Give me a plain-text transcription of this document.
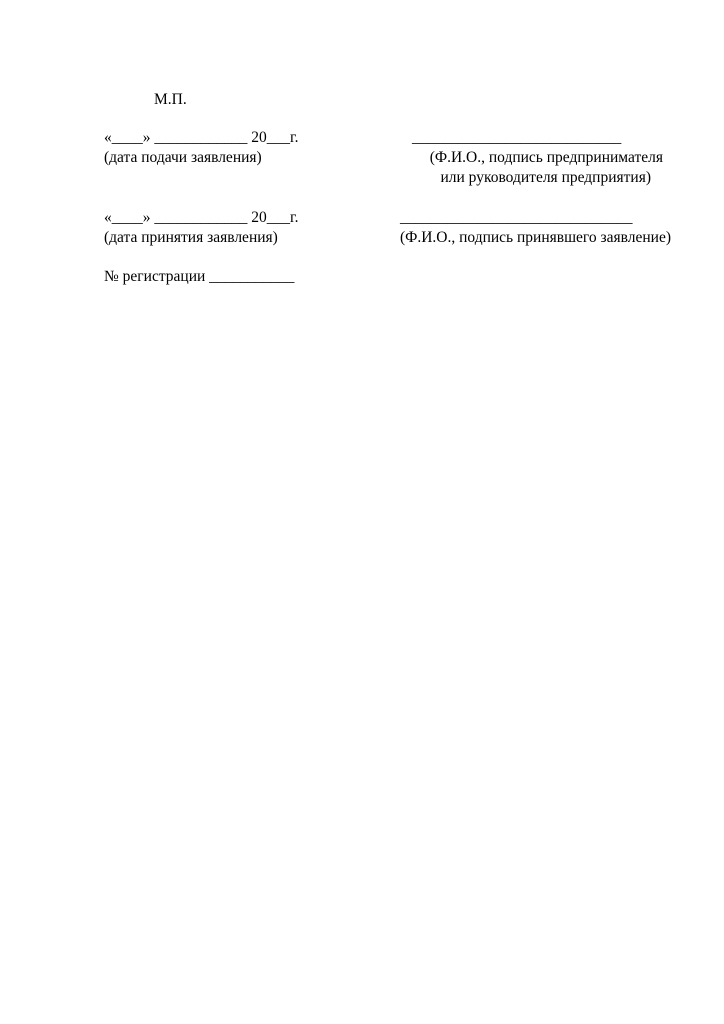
М.П.
«____» ____________ 20___г.
(дата подачи заявления)
___________________________
(Ф.И.О., подпись предпринимателя
или руководителя предприятия)
«____» ____________ 20___г.
(дата принятия заявления)
______________________________
(Ф.И.О., подпись принявшего заявление)
№ регистрации ___________
